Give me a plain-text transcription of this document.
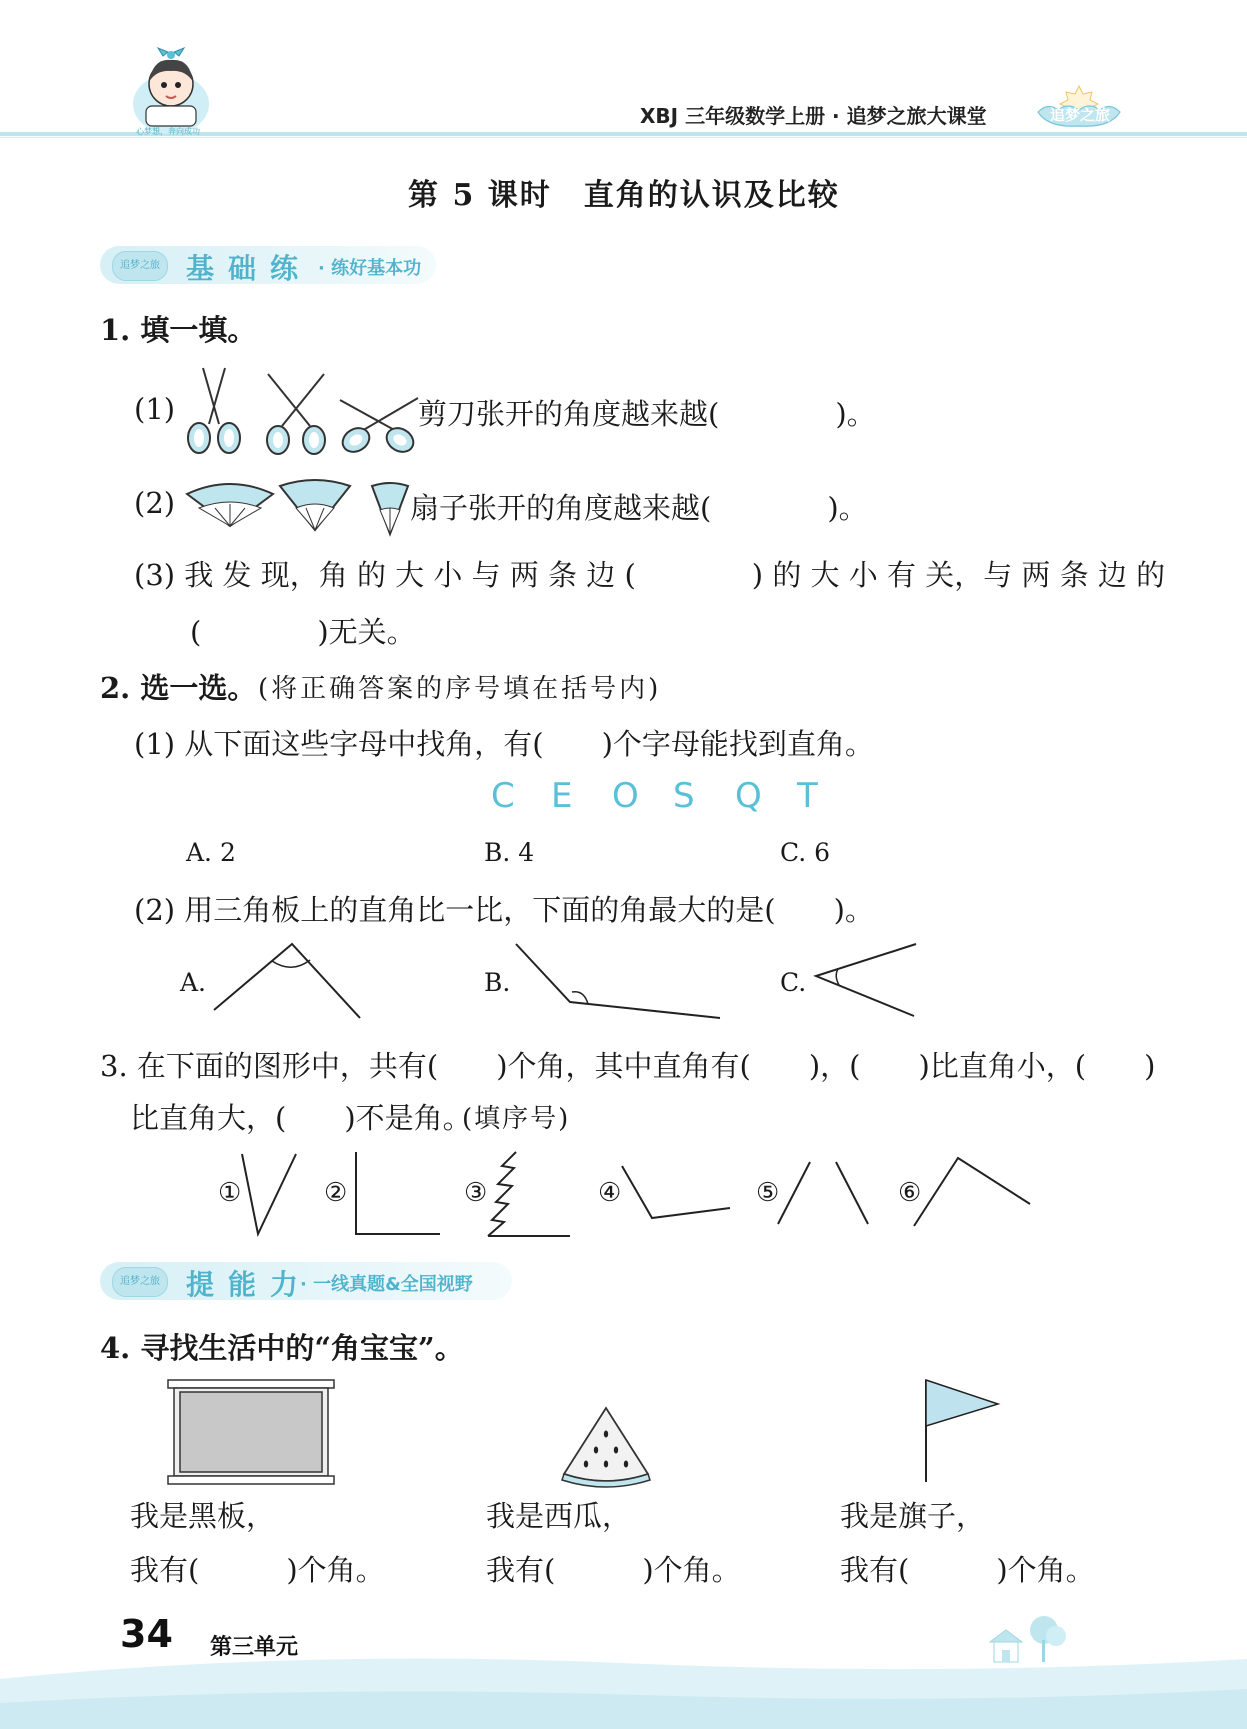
心梦想，奔向成功
XBJ 三年级数学上册 · 追梦之旅大课堂	追梦之旅
第 5 课时　直角的认识及比较
追梦之旅 基础练 · 练好基本功
1. 填一填。
(1)	剪刀张开的角度越来越(　　　　)。
(2)	扇子张开的角度越来越(　　　　)。
(3) 我 发 现，角 的 大 小 与 两 条 边 (　　　　) 的 大 小 有 关，与 两 条 边 的
(　　　　)无关。
2. 选一选。 (将正确答案的序号填在括号内)
(1) 从下面这些字母中找角，有(　　)个字母能找到直角。
C E O S Q T
A. 2	B. 4	C. 6
(2) 用三角板上的直角比一比，下面的角最大的是(　　)。
A.	B.	C.
3. 在下面的图形中，共有(　　)个角，其中直角有(　　)，(　　)比直角小，(　　)
比直角大，(　　)不是角。
(填序号)
①	②	③	④	⑤	⑥
追梦之旅 提能力
· 一线真题&全国视野
4. 寻找生活中的“角宝宝”。
我是黑板，
我有(　　　)个角。
我是西瓜，
我有(　　　)个角。
我是旗子，
我有(　　　)个角。
34 第三单元
